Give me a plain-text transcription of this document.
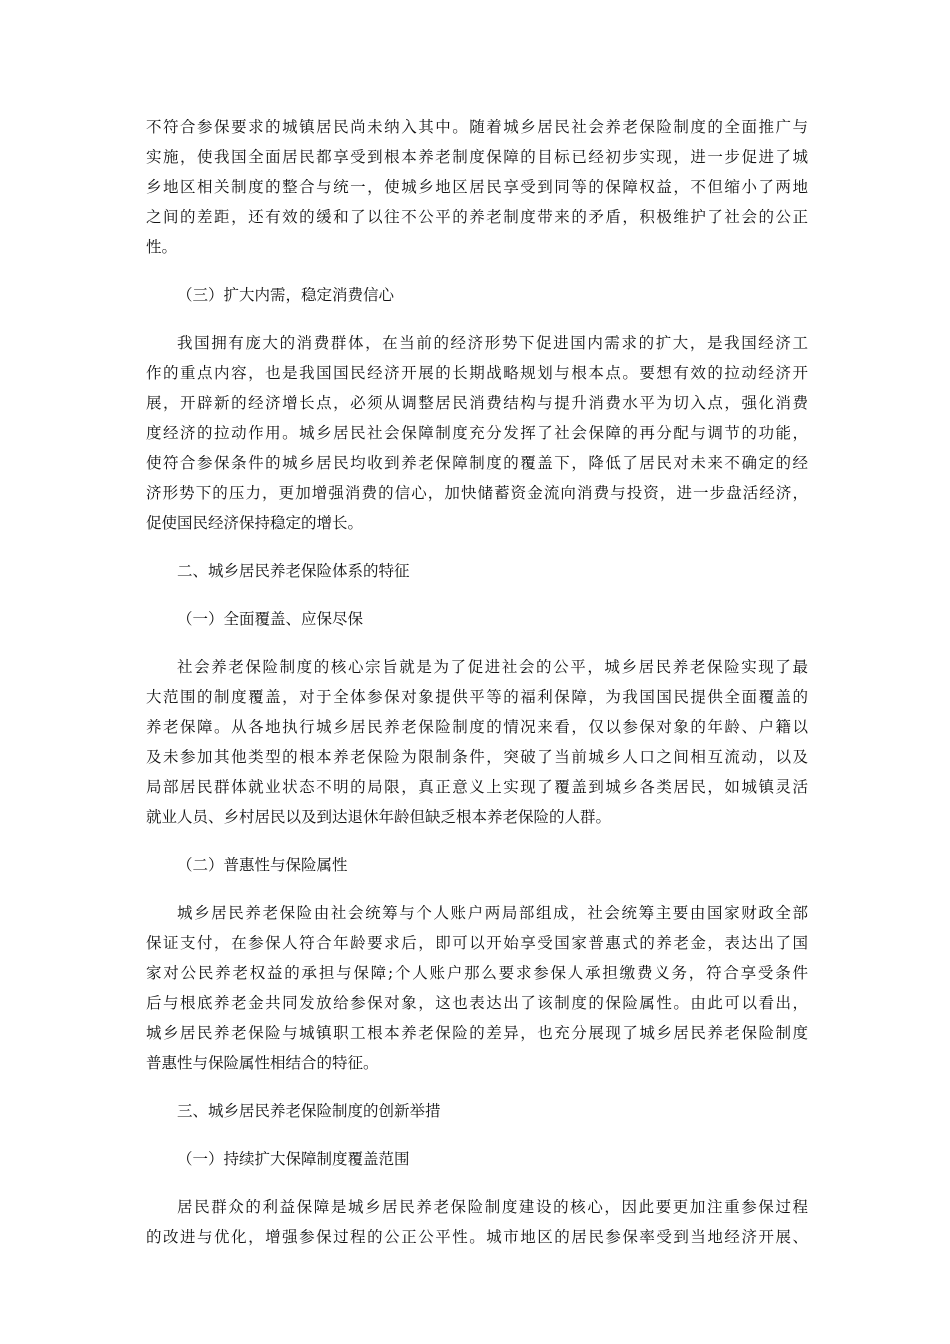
不符合参保要求的城镇居民尚未纳入其中。随着城乡居民社会养老保险制度的全面推广与
实施，使我国全面居民都享受到根本养老制度保障的目标已经初步实现，进一步促进了城
乡地区相关制度的整合与统一，使城乡地区居民享受到同等的保障权益，不但缩小了两地
之间的差距，还有效的缓和了以往不公平的养老制度带来的矛盾，积极维护了社会的公正
性。
（三）扩大内需，稳定消费信心
我国拥有庞大的消费群体，在当前的经济形势下促进国内需求的扩大，是我国经济工
作的重点内容，也是我国国民经济开展的长期战略规划与根本点。要想有效的拉动经济开
展，开辟新的经济增长点，必须从调整居民消费结构与提升消费水平为切入点，强化消费
度经济的拉动作用。城乡居民社会保障制度充分发挥了社会保障的再分配与调节的功能，
使符合参保条件的城乡居民均收到养老保障制度的覆盖下，降低了居民对未来不确定的经
济形势下的压力，更加增强消费的信心，加快储蓄资金流向消费与投资，进一步盘活经济，
促使国民经济保持稳定的增长。
二、城乡居民养老保险体系的特征
（一）全面覆盖、应保尽保
社会养老保险制度的核心宗旨就是为了促进社会的公平，城乡居民养老保险实现了最
大范围的制度覆盖，对于全体参保对象提供平等的福利保障，为我国国民提供全面覆盖的
养老保障。从各地执行城乡居民养老保险制度的情况来看，仅以参保对象的年龄、户籍以
及未参加其他类型的根本养老保险为限制条件，突破了当前城乡人口之间相互流动，以及
局部居民群体就业状态不明的局限，真正意义上实现了覆盖到城乡各类居民，如城镇灵活
就业人员、乡村居民以及到达退休年龄但缺乏根本养老保险的人群。
（二）普惠性与保险属性
城乡居民养老保险由社会统筹与个人账户两局部组成，社会统筹主要由国家财政全部
保证支付，在参保人符合年龄要求后，即可以开始享受国家普惠式的养老金，表达出了国
家对公民养老权益的承担与保障;个人账户那么要求参保人承担缴费义务，符合享受条件
后与根底养老金共同发放给参保对象，这也表达出了该制度的保险属性。由此可以看出，
城乡居民养老保险与城镇职工根本养老保险的差异，也充分展现了城乡居民养老保险制度
普惠性与保险属性相结合的特征。
三、城乡居民养老保险制度的创新举措
（一）持续扩大保障制度覆盖范围
居民群众的利益保障是城乡居民养老保险制度建设的核心，因此要更加注重参保过程
的改进与优化，增强参保过程的公正公平性。城市地区的居民参保率受到当地经济开展、
